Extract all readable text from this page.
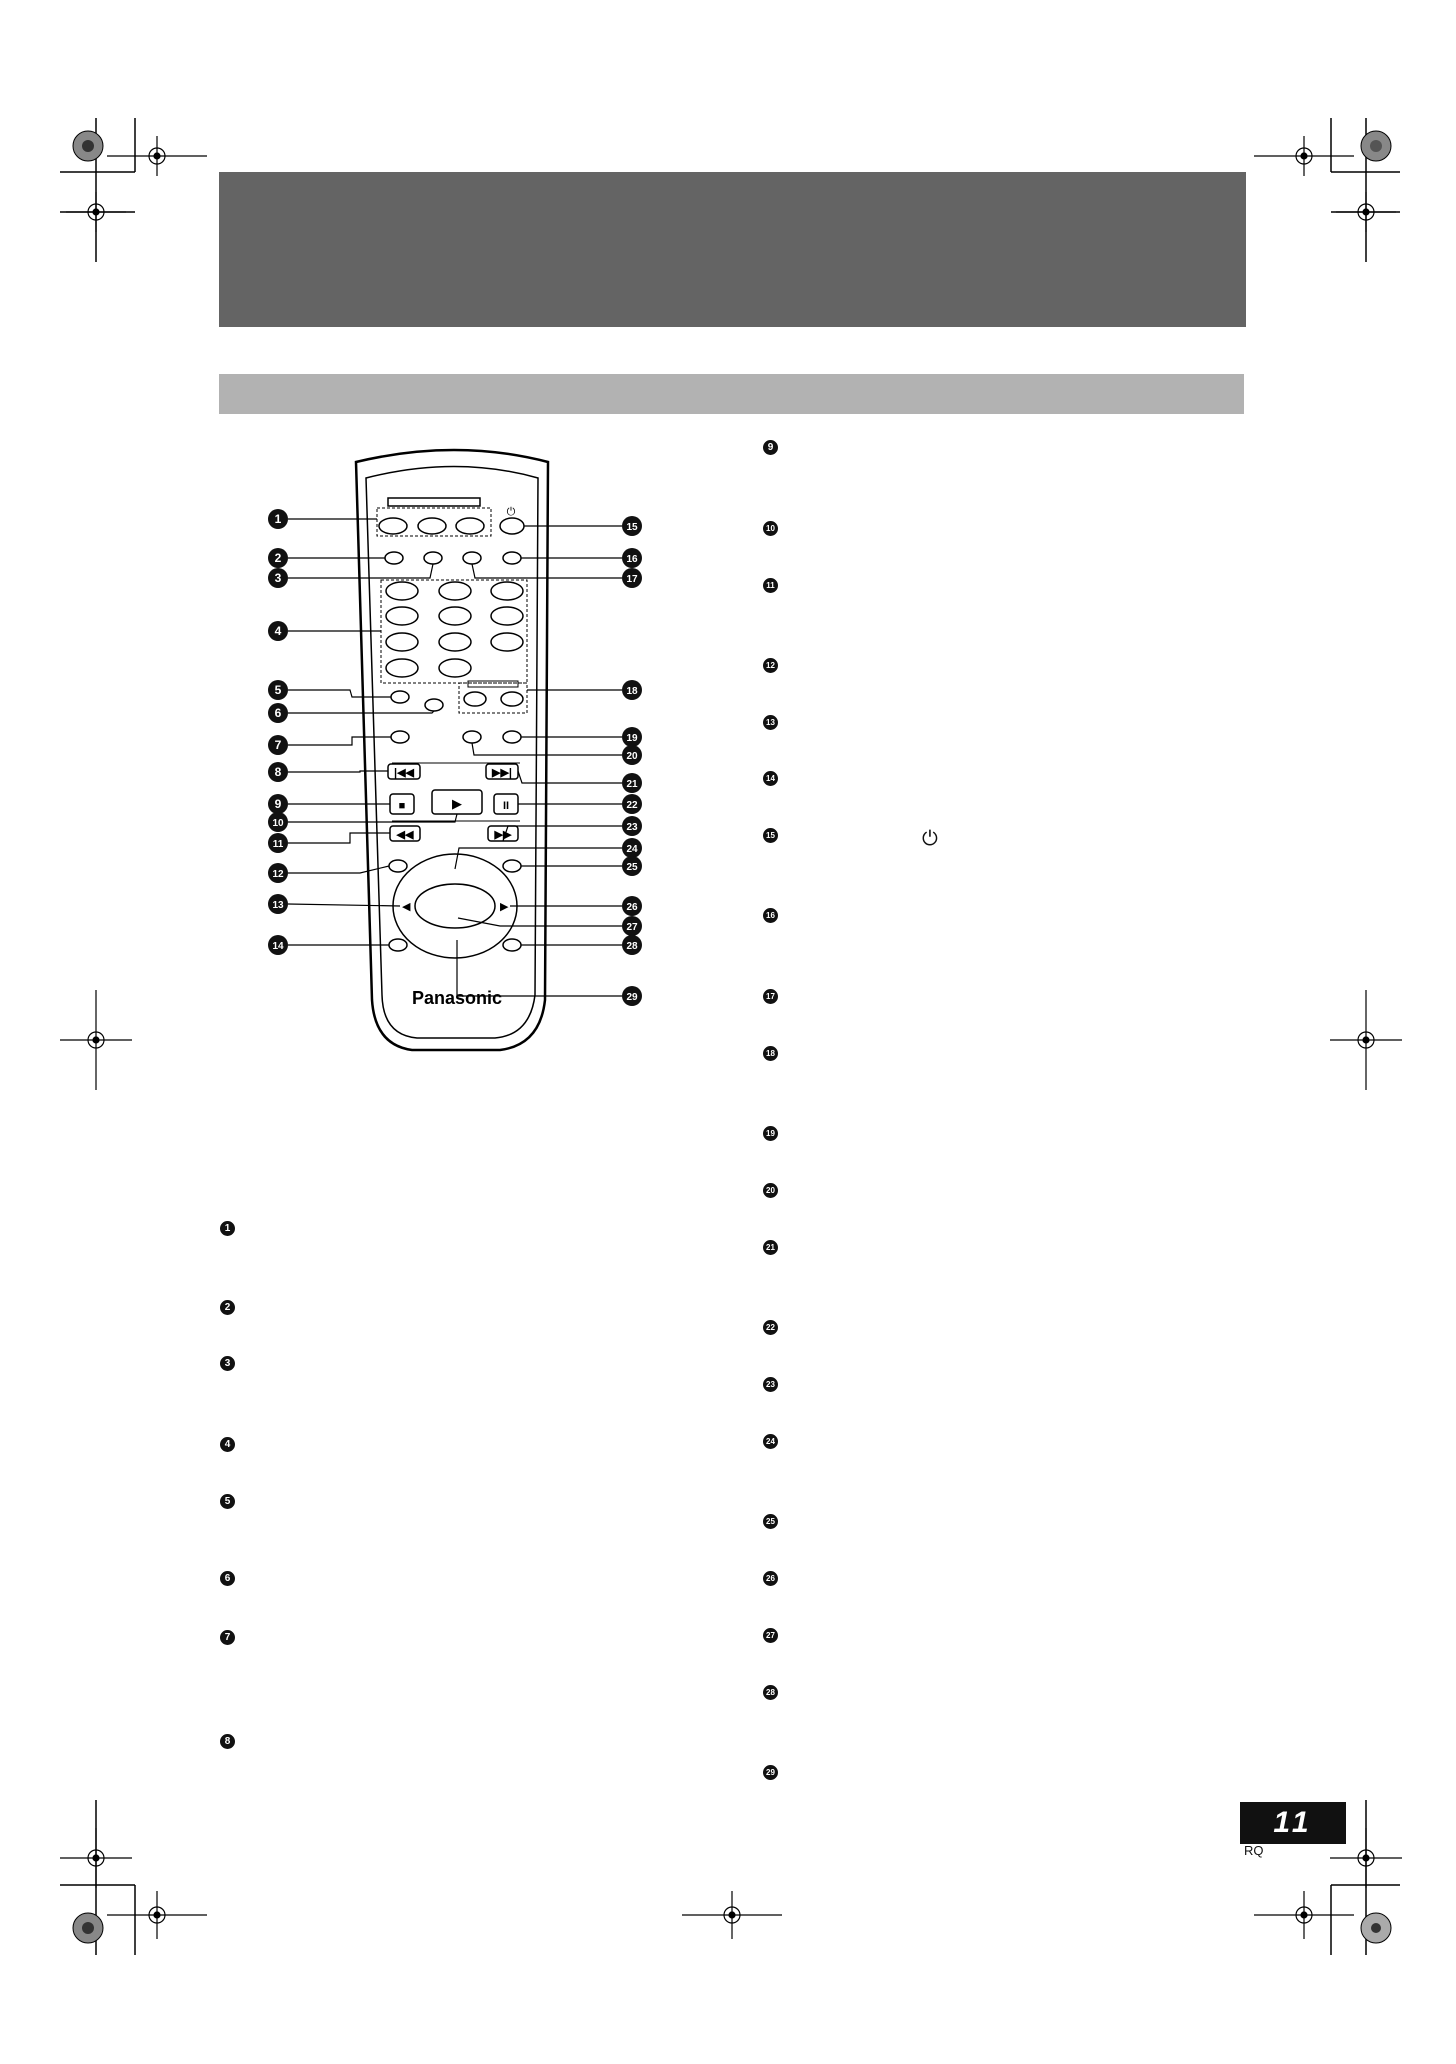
⏻
|◀◀	▶▶|
■	▶	II
◀◀	▶▶
◀	▶
Panasonic
1
2
3
4
5
6
7
8
9
10
11
12
13
14
15
16
17
18
19
20
21
22
23
24
25
26
27
28
29
1
2
3
4
5
6
7
8
9
10
11
12
13
14
15
16
17
18
19
20
21
22
23
24
25
26
27
28
29
⏻
11
RQ
